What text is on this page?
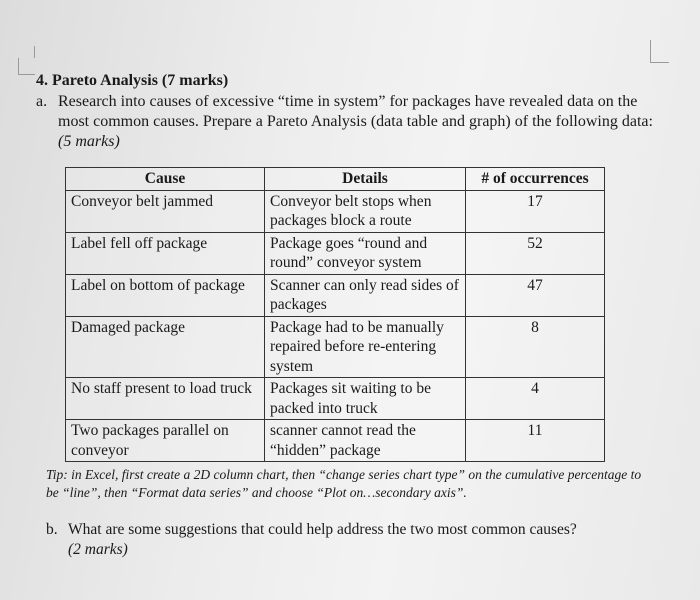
4. Pareto Analysis (7 marks)
a. Research into causes of excessive “time in system” for packages have revealed data on the most common causes. Prepare a Pareto Analysis (data table and graph) of the following data: (5 marks)
Cause	Details	# of occurrences
Conveyor belt jammed	Conveyor belt stops when packages block a route	17
Label fell off package	Package goes “round and round” conveyor system	52
Label on bottom of package	Scanner can only read sides of packages	47
Damaged package	Package had to be manually repaired before re-entering system	8
No staff present to load truck	Packages sit waiting to be packed into truck	4
Two packages parallel on conveyor	scanner cannot read the “hidden” package	11
Tip: in Excel, first create a 2D column chart, then “change series chart type” on the cumulative percentage to be “line”, then “Format data series” and choose “Plot on…secondary axis”.
b. What are some suggestions that could help address the two most common causes?
(2 marks)
